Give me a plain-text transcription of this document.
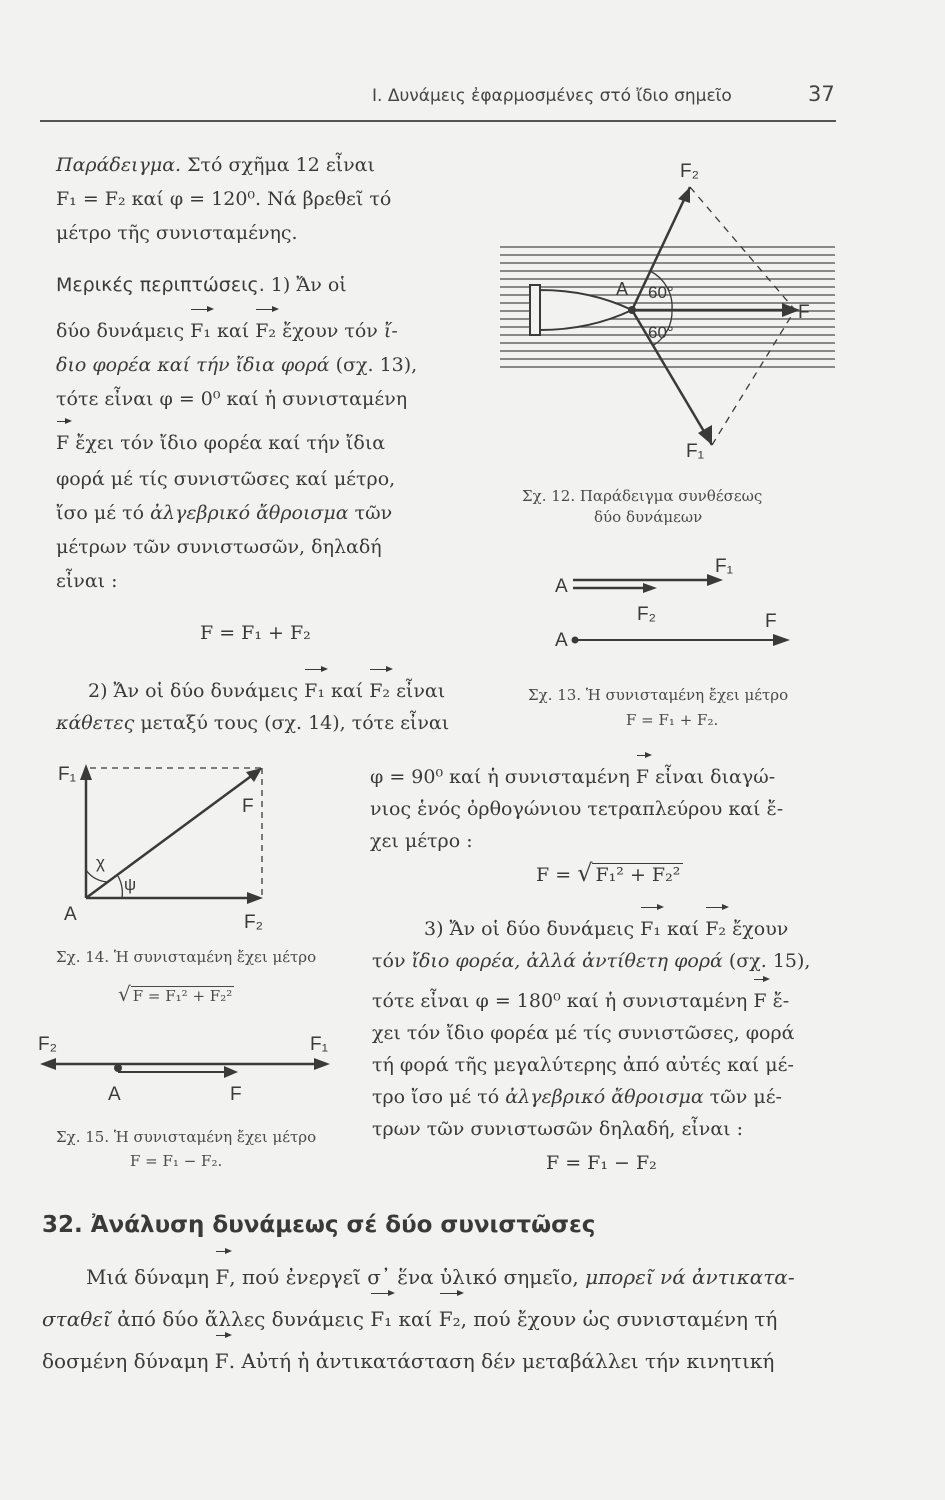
Ι. Δυνάμεις ἐφαρμοσμένες στό ἴδιο σημεῖο	37
Παράδειγμα. Στό σχῆμα 12 εἶναι
F₁ = F₂ καί φ = 120⁰. Νά βρεθεῖ τό
μέτρο τῆς συνισταμένης.
Μερικές περιπτώσεις. 1) Ἄν οἱ
δύο δυνάμεις F₁ καί F₂ ἔχουν τόν ἴ-
διο φορέα καί τήν ἴδια φορά (σχ. 13),
τότε εἶναι φ = 0⁰ καί ἡ συνισταμένη
F ἔχει τόν ἴδιο φορέα καί τήν ἴδια
φορά μέ τίς συνιστῶσες καί μέτρο,
ἴσο μέ τό ἀλγεβρικό ἄθροισμα τῶν
μέτρων τῶν συνιστωσῶν, δηλαδή
εἶναι :
F = F₁ + F₂
2) Ἄν οἱ δύο δυνάμεις F₁ καί F₂ εἶναι
κάθετες μεταξύ τους (σχ. 14), τότε εἶναι
φ = 90⁰ καί ἡ συνισταμένη F εἶναι διαγώ-
νιος ἑνός ὀρθογώνιου τετραπλεύρου καί ἔ-
χει μέτρο :
F = √ F₁² + F₂²
3) Ἄν οἱ δύο δυνάμεις F₁ καί F₂ ἔχουν
τόν ἴδιο φορέα, ἀλλά ἀντίθετη φορά (σχ. 15),
τότε εἶναι φ = 180⁰ καί ἡ συνισταμένη F ἔ-
χει τόν ἴδιο φορέα μέ τίς συνιστῶσες, φορά
τή φορά τῆς μεγαλύτερης ἀπό αὐτές καί μέ-
τρο ἴσο μέ τό ἀλγεβρικό ἄθροισμα τῶν μέ-
τρων τῶν συνιστωσῶν δηλαδή, εἶναι :
F = F₁ − F₂
F₂
F₁
F
A 60°
60°
Σχ. 12. Παράδειγμα συνθέσεως
δύο δυνάμεων
A
F₁
F₂
A
F
Σχ. 13. Ἡ συνισταμένη ἔχει μέτρο
F = F₁ + F₂.
F₁
F
χ
ψ
A	F₂
Σχ. 14. Ἡ συνισταμένη ἔχει μέτρο
√ F = F₁² + F₂²
F₂	F₁
A	F
Σχ. 15. Ἡ συνισταμένη ἔχει μέτρο
F = F₁ − F₂.
32. Ἀνάλυση δυνάμεως σέ δύο συνιστῶσες
Μιά δύναμη F, πού ἐνεργεῖ σ᾽ ἕνα ὑλικό σημεῖο, μπορεῖ νά ἀντικατα-
σταθεῖ ἀπό δύο ἄλλες δυνάμεις F₁ καί F₂, πού ἔχουν ὡς συνισταμένη τή
δοσμένη δύναμη F. Αὐτή ἡ ἀντικατάσταση δέν μεταβάλλει τήν κινητική
